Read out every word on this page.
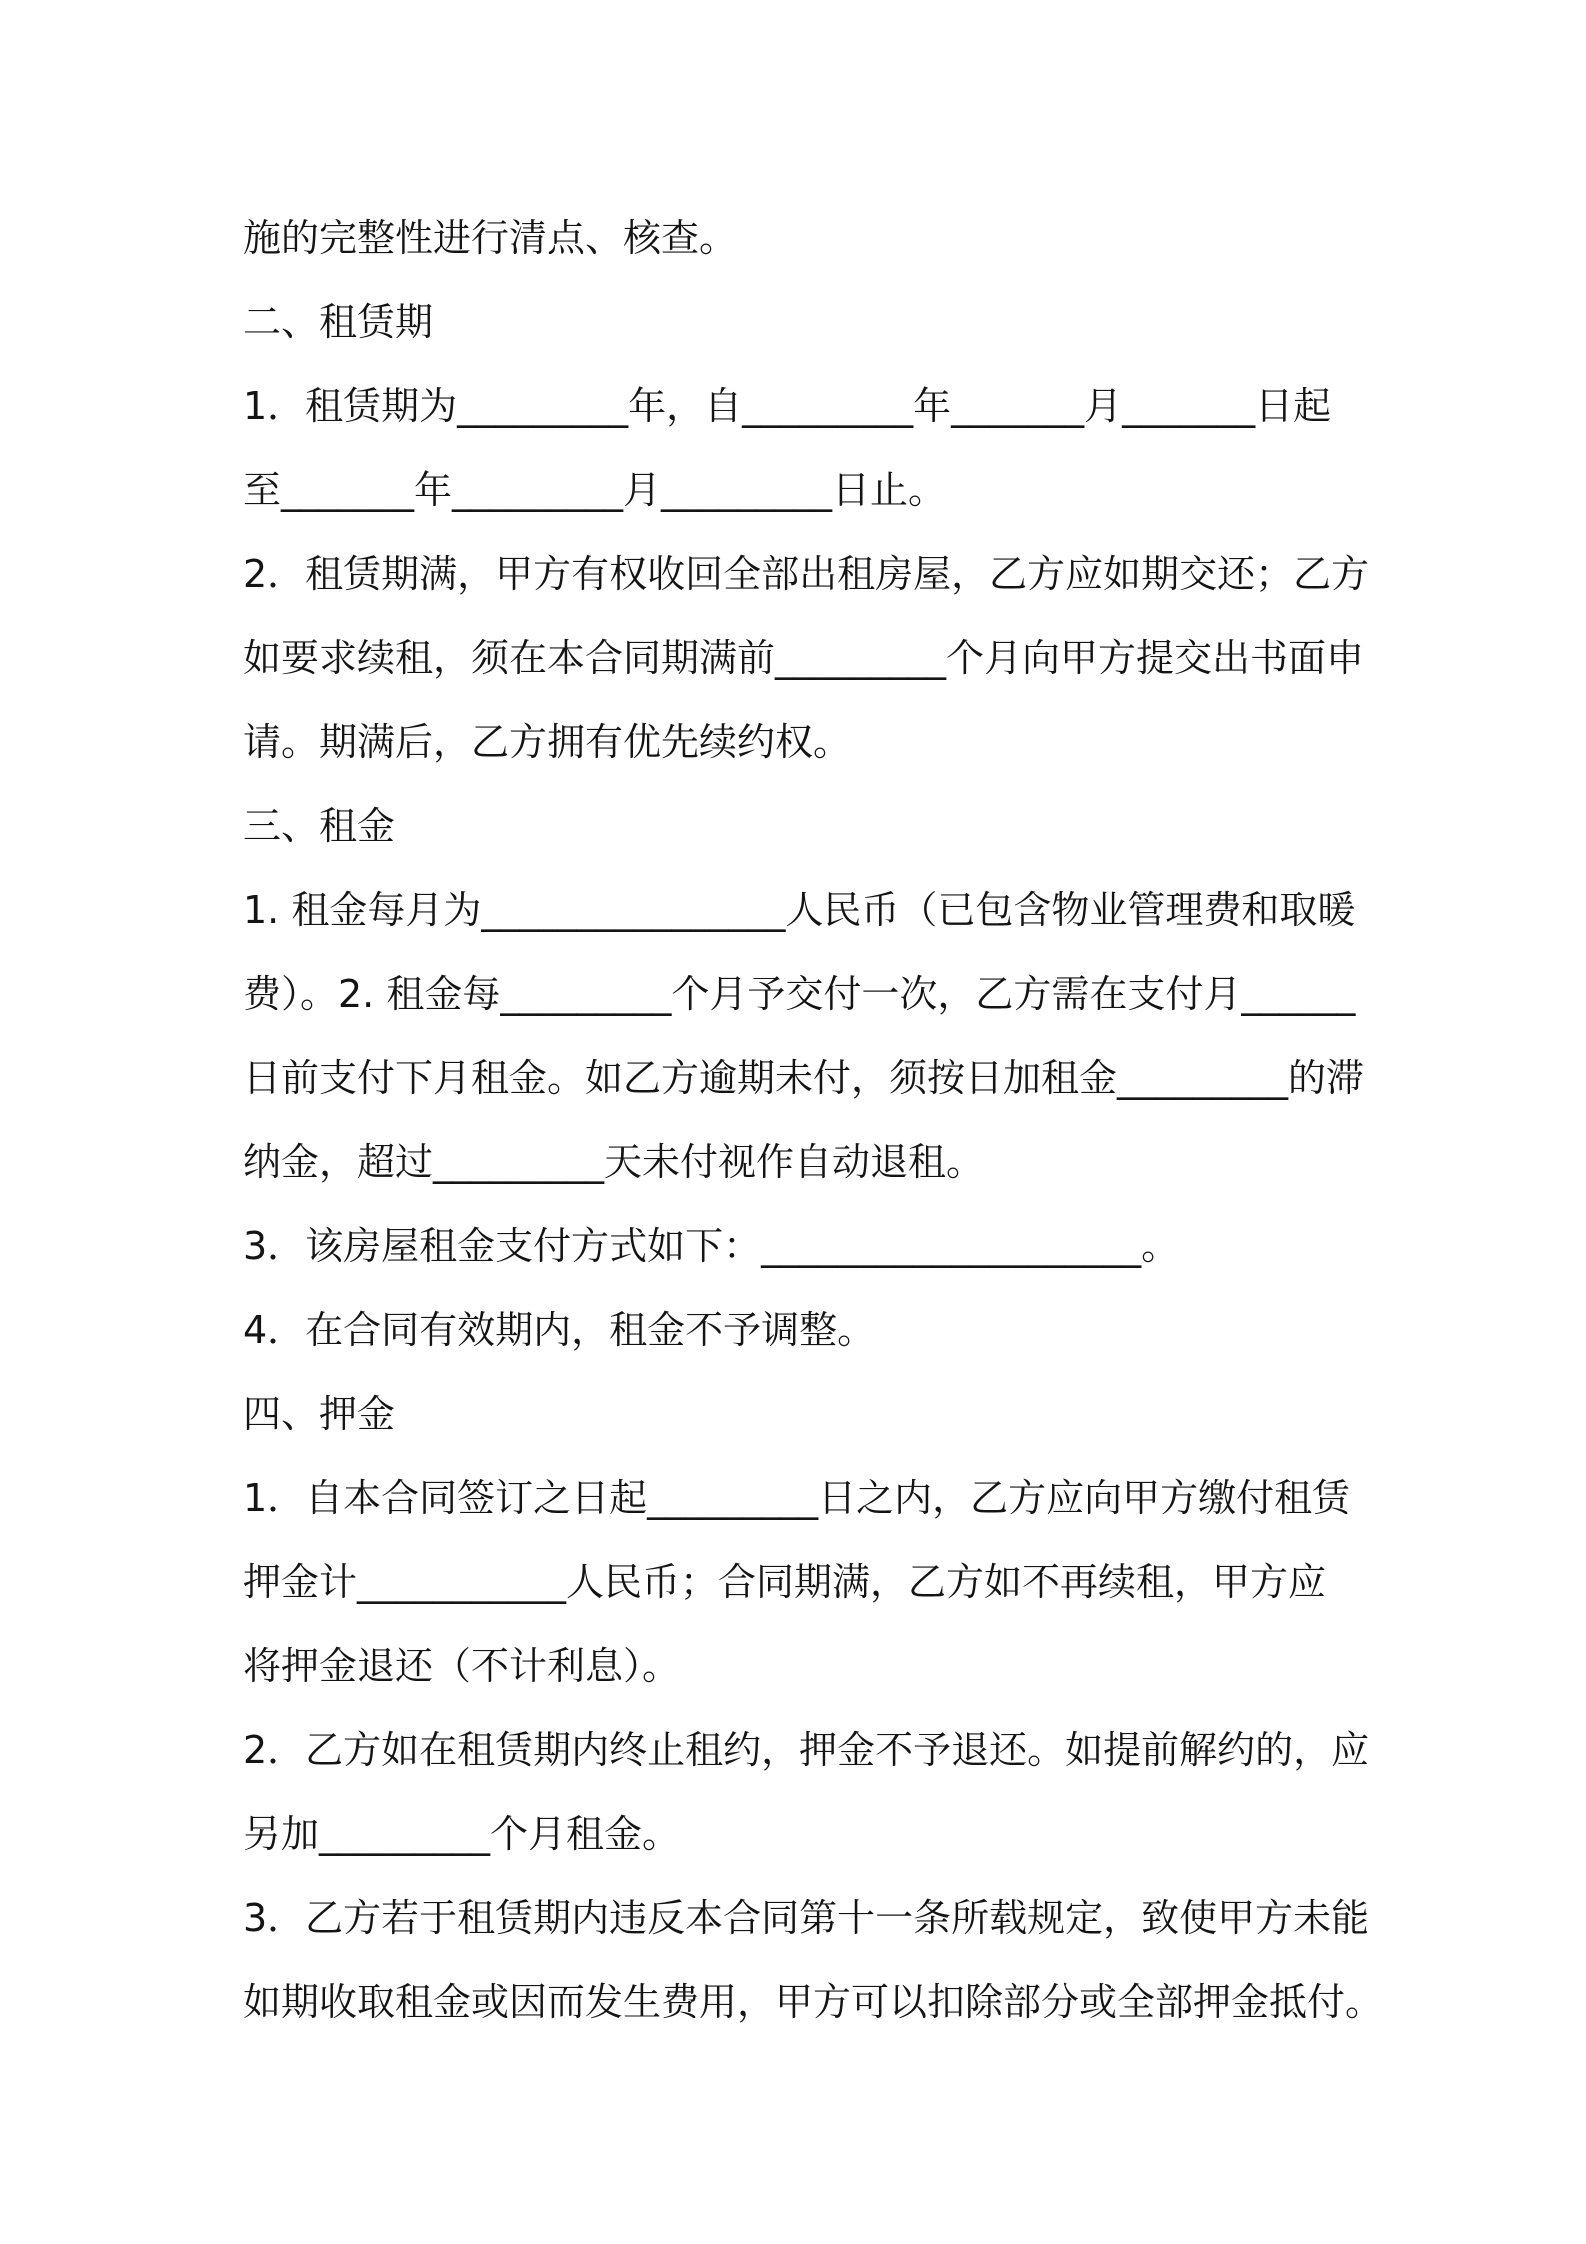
施的完整性进行清点、核查。
二、租赁期
1．租赁期为_________年，自_________年_______月_______日起
至_______年_________月_________日止。
2．租赁期满，甲方有权收回全部出租房屋，乙方应如期交还；乙方
如要求续租，须在本合同期满前_________个月向甲方提交出书面申
请。期满后，乙方拥有优先续约权。
三、租金
1. 租金每月为________________人民币（已包含物业管理费和取暖
费）。2. 租金每_________个月予交付一次，乙方需在支付月______
日前支付下月租金。如乙方逾期未付，须按日加租金_________的滞
纳金，超过_________天未付视作自动退租。
3．该房屋租金支付方式如下：____________________。
4．在合同有效期内，租金不予调整。
四、押金
1．自本合同签订之日起_________日之内，乙方应向甲方缴付租赁
押金计___________人民币；合同期满，乙方如不再续租，甲方应
将押金退还（不计利息）。
2．乙方如在租赁期内终止租约，押金不予退还。如提前解约的，应
另加_________个月租金。
3．乙方若于租赁期内违反本合同第十一条所载规定，致使甲方未能
如期收取租金或因而发生费用，甲方可以扣除部分或全部押金抵付。
